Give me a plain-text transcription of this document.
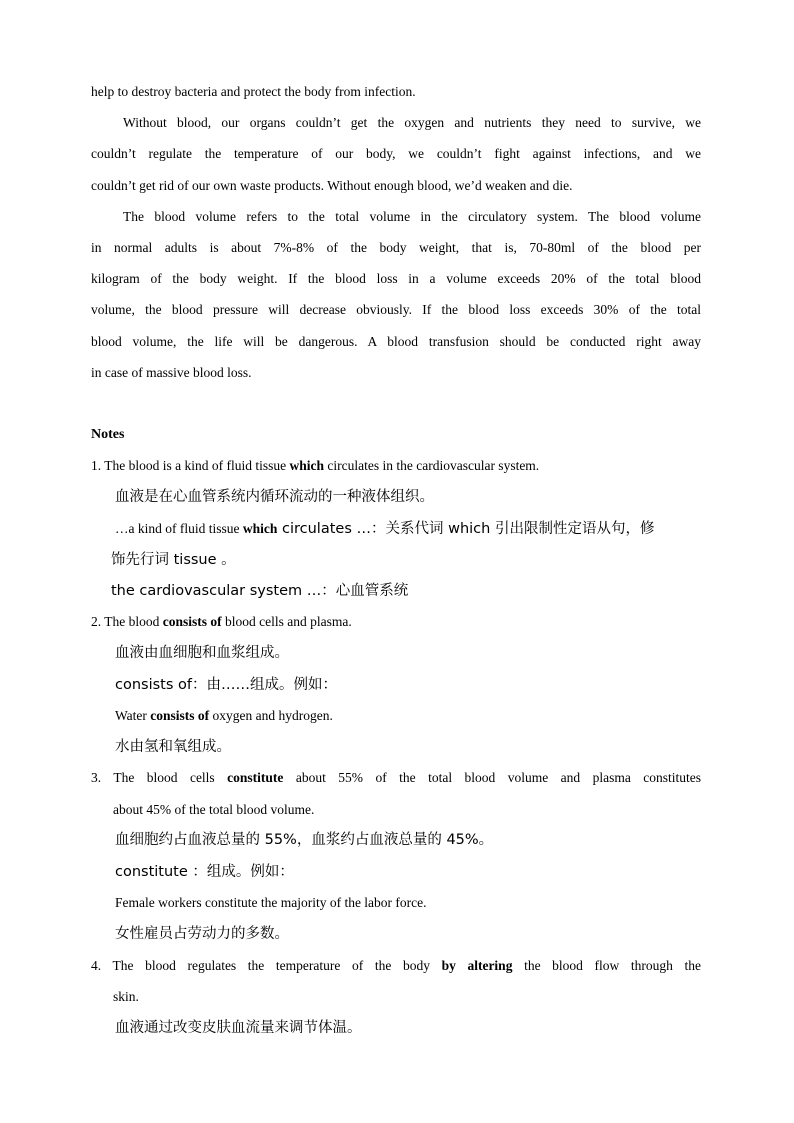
help to destroy bacteria and protect the body from infection.
Without blood, our organs couldn’t get the oxygen and nutrients they need to survive, we
couldn’t regulate the temperature of our body, we couldn’t fight against infections, and we
couldn’t get rid of our own waste products. Without enough blood, we’d weaken and die.
The blood volume refers to the total volume in the circulatory system. The blood volume
in normal adults is about 7%-8% of the body weight, that is, 70-80ml of the blood per
kilogram of the body weight. If the blood loss in a volume exceeds 20% of the total blood
volume, the blood pressure will decrease obviously. If the blood loss exceeds 30% of the total
blood volume, the life will be dangerous. A blood transfusion should be conducted right away
in case of massive blood loss.
Notes
1. The blood is a kind of fluid tissue which circulates in the cardiovascular system.
血液是在心血管系统内循环流动的一种液体组织。
…a kind of fluid tissue which circulates …：关系代词 which 引出限制性定语从句，修
饰先行词 tissue 。
the cardiovascular system …：心血管系统
2. The blood consists of blood cells and plasma.
血液由血细胞和血浆组成。
consists of：由……组成。例如：
Water consists of oxygen and hydrogen.
水由氢和氧组成。
3. The blood cells constitute about 55% of the total blood volume and plasma constitutes
about 45% of the total blood volume.
血细胞约占血液总量的 55%，血浆约占血液总量的 45%。
constitute ：组成。例如：
Female workers constitute the majority of the labor force.
女性雇员占劳动力的多数。
4. The blood regulates the temperature of the body by altering the blood flow through the
skin.
血液通过改变皮肤血流量来调节体温。
